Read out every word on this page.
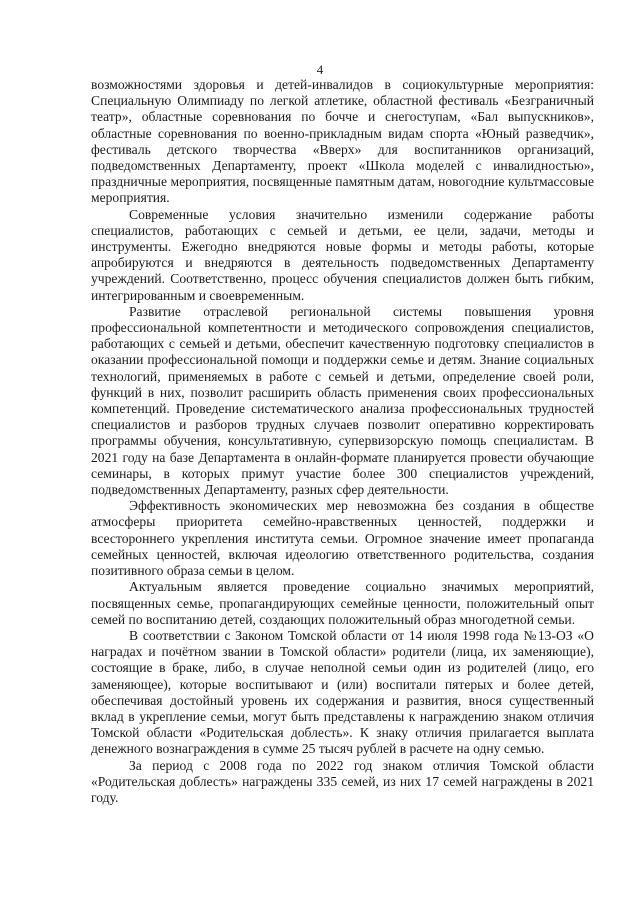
4

возможностями здоровья и детей-инвалидов в социокультурные мероприятия: Специальную Олимпиаду по легкой атлетике, областной фестиваль «Безграничный театр», областные соревнования по бочче и снегоступам, «Бал выпускников», областные соревнования по военно-прикладным видам спорта «Юный разведчик», фестиваль детского творчества «Вверх» для воспитанников организаций, подведомственных Департаменту, проект «Школа моделей с инвалидностью», праздничные мероприятия, посвященные памятным датам, новогодние культмассовые мероприятия.

Современные условия значительно изменили содержание работы специалистов, работающих с семьей и детьми, ее цели, задачи, методы и инструменты. Ежегодно внедряются новые формы и методы работы, которые апробируются и внедряются в деятельность подведомственных Департаменту учреждений. Соответственно, процесс обучения специалистов должен быть гибким, интегрированным и своевременным.

Развитие отраслевой региональной системы повышения уровня профессиональной компетентности и методического сопровождения специалистов, работающих с семьей и детьми, обеспечит качественную подготовку специалистов в оказании профессиональной помощи и поддержки семье и детям. Знание социальных технологий, применяемых в работе с семьей и детьми, определение своей роли, функций в них, позволит расширить область применения своих профессиональных компетенций. Проведение систематического анализа профессиональных трудностей специалистов и разборов трудных случаев позволит оперативно корректировать программы обучения, консультативную, супервизорскую помощь специалистам. В 2021 году на базе Департамента в онлайн-формате планируется провести обучающие семинары, в которых примут участие более 300 специалистов учреждений, подведомственных Департаменту, разных сфер деятельности.

Эффективность экономических мер невозможна без создания в обществе атмосферы приоритета семейно-нравственных ценностей, поддержки и всестороннего укрепления института семьи. Огромное значение имеет пропаганда семейных ценностей, включая идеологию ответственного родительства, создания позитивного образа семьи в целом.

Актуальным является проведение социально значимых мероприятий, посвященных семье, пропагандирующих семейные ценности, положительный опыт семей по воспитанию детей, создающих положительный образ многодетной семьи.

В соответствии с Законом Томской области от 14 июля 1998 года №13-ОЗ «О наградах и почётном звании в Томской области» родители (лица, их заменяющие), состоящие в браке, либо, в случае неполной семьи один из родителей (лицо, его заменяющее), которые воспитывают и (или) воспитали пятерых и более детей, обеспечивая достойный уровень их содержания и развития, внося существенный вклад в укрепление семьи, могут быть представлены к награждению знаком отличия Томской области «Родительская доблесть». К знаку отличия прилагается выплата денежного вознаграждения в сумме 25 тысяч рублей в расчете на одну семью.

За период с 2008 года по 2022 год знаком отличия Томской области «Родительская доблесть» награждены 335 семей, из них 17 семей награждены в 2021 году.
